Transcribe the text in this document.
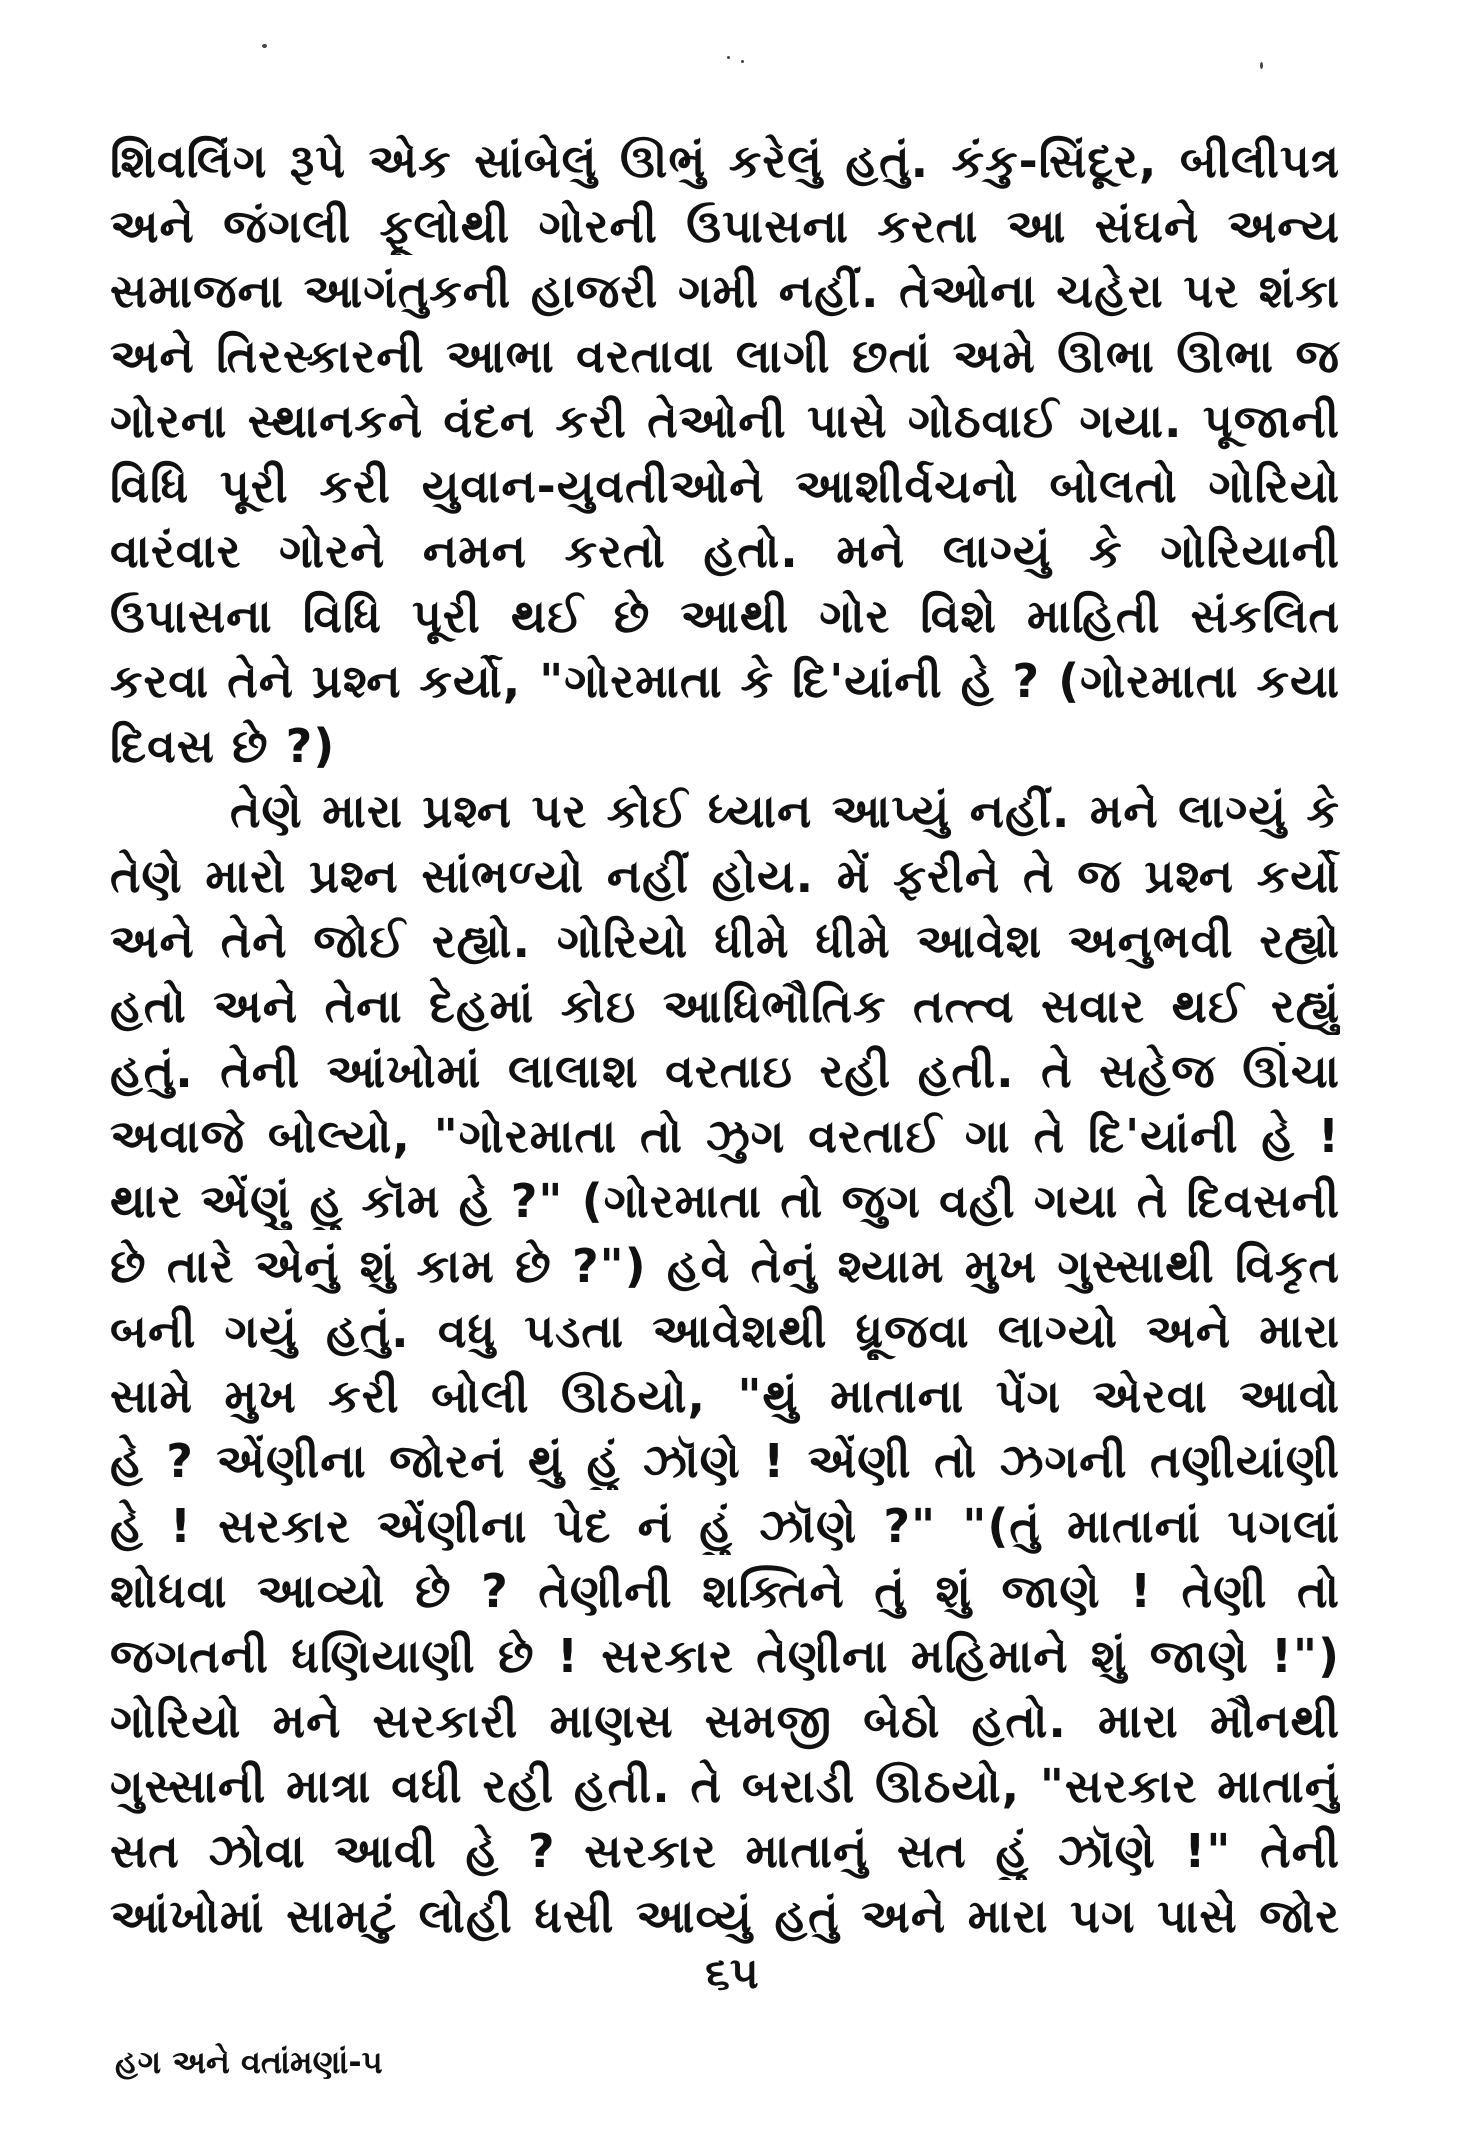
શિવલિંગ રૂપે એક સાંબેલું ઊભું કરેલું હતું. કંકુ-સિંદૂર, બીલીપત્ર
અને જંગલી ફૂલોથી ગોરની ઉપાસના કરતા આ સંઘને અન્ય
સમાજના આગંતુકની હાજરી ગમી નહીં. તેઓના ચહેરા પર શંકા
અને તિરસ્કારની આભા વરતાવા લાગી છતાં અમે ઊભા ઊભા જ
ગોરના સ્થાનકને વંદન કરી તેઓની પાસે ગોઠવાઈ ગયા. પૂજાની
વિધિ પૂરી કરી યુવાન-યુવતીઓને આશીર્વચનો બોલતો ગોરિયો
વારંવાર ગોરને નમન કરતો હતો. મને લાગ્યું કે ગોરિયાની
ઉપાસના વિધિ પૂરી થઈ છે આથી ગોર વિશે માહિતી સંકલિત
કરવા તેને પ્રશ્ન કર્યો, "ગોરમાતા કે દિ'યાંની હે ? (ગોરમાતા કયા
દિવસ છે ?)
તેણે મારા પ્રશ્ન પર કોઈ ધ્યાન આપ્યું નહીં. મને લાગ્યું કે
તેણે મારો પ્રશ્ન સાંભળ્યો નહીં હોય. મેં ફરીને તે જ પ્રશ્ન કર્યો
અને તેને જોઈ રહ્યો. ગોરિયો ધીમે ધીમે આવેશ અનુભવી રહ્યો
હતો અને તેના દેહમાં કોઇ આધિભૌતિક તત્ત્વ સવાર થઈ રહ્યું
હતું. તેની આંખોમાં લાલાશ વરતાઇ રહી હતી. તે સહેજ ઊંચા
અવાજે બોલ્યો, "ગોરમાતા તો ઝુગ વરતાઈ ગા તે દિ'યાંની હે !
થાર એંણું હુ કૉમ હે ?" (ગોરમાતા તો જુગ વહી ગયા તે દિવસની
છે તારે એનું શું કામ છે ?") હવે તેનું શ્યામ મુખ ગુસ્સાથી વિકૃત
બની ગયું હતું. વધુ પડતા આવેશથી ધ્રૂજવા લાગ્યો અને મારા
સામે મુખ કરી બોલી ઊઠયો, "થું માતાના પેંગ એરવા આવો
હે ? એંણીના જોરનં થું હું ઝૉણે ! એંણી તો ઝગની તણીયાંણી
હે ! સરકાર એંણીના પેદ નં હું ઝૉણે ?" "(તું માતાનાં પગલાં
શોધવા આવ્યો છે ? તેણીની શક્તિને તું શું જાણે ! તેણી તો
જગતની ધણિયાણી છે ! સરકાર તેણીના મહિમાને શું જાણે !")
ગોરિયો મને સરકારી માણસ સમજી બેઠો હતો. મારા મૌનથી
ગુસ્સાની માત્રા વધી રહી હતી. તે બરાડી ઊઠયો, "સરકાર માતાનું
સત ઝોવા આવી હે ? સરકાર માતાનું સત હું ઝૉણે !" તેની
આંખોમાં સામટું લોહી ધસી આવ્યું હતું અને મારા પગ પાસે જોર
૬૫
હગ અને વતાંમણાં-૫
